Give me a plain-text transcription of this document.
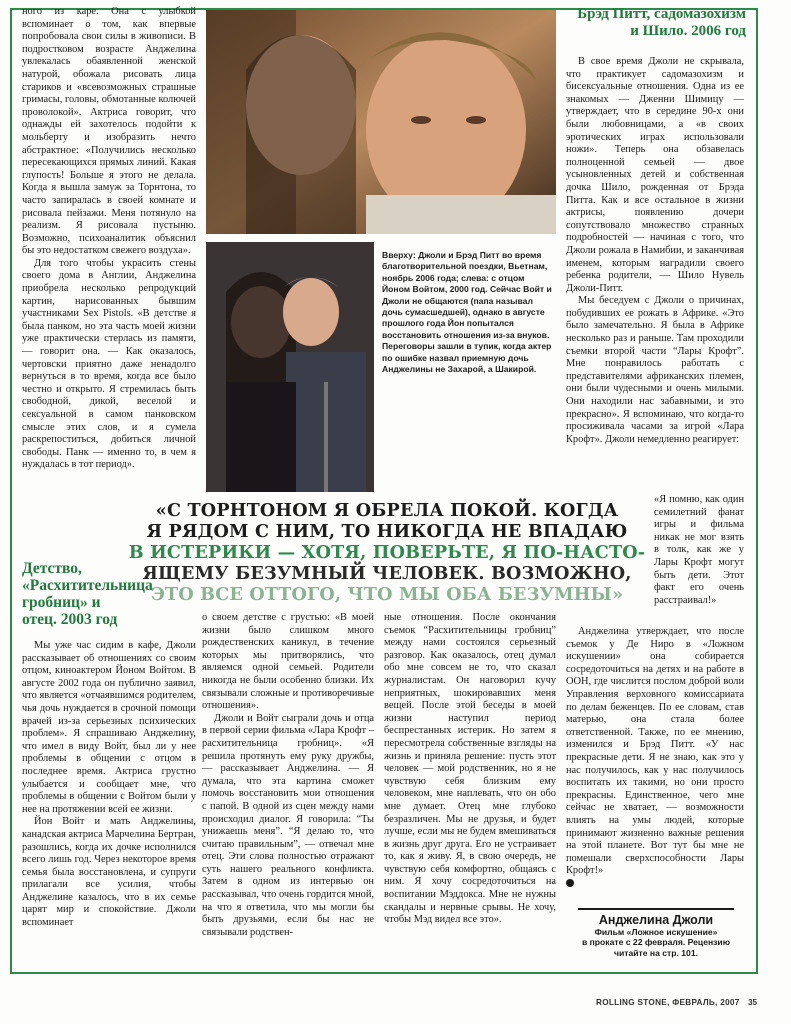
ного из каре. Она с улыбкой вспоминает о том, как впервые попробовала свои силы в живописи. В подростковом возрасте Анджелина увлекалась обаявленной женской натурой, обожала рисовать лица стариков и «всевозможных страшные гримасы, головы, обмотанные колючей проволокой». Актриса говорит, что однажды ей захотелось подойти к мольберту и изобразить нечто абстрактное: «Получились несколько пересекающихся прямых линий. Какая глупость! Больше я этого не делала. Когда я вышла замуж за Торнтона, то часто запиралась в своей комнате и рисовала пейзажи. Меня потянуло на реализм. Я рисовала пустыню. Возможно, психоаналитик объяснил бы это недостатком свежего воздуха».

Для того чтобы украсить стены своего дома в Англии, Анджелина приобрела несколько репродукций картин, нарисованных бывшим участниками Sex Pistols. «В детстве я была панком, но эта часть моей жизни уже практически стерлась из памяти, — говорит она. — Как оказалось, чертовски приятно даже ненадолго вернуться в то время, когда все было честно и открыто. Я стремилась быть свободной, дикой, веселой и сексуальной в самом панковском смысле этих слов, и я сумела раскрепоститься, добиться личной свободы. Панк — именно то, в чем я нуждалась в тот период».

Детство, «Расхитительница гробниц» и отец. 2003 год

Мы уже час сидим в кафе, Джоли рассказывает об отношениях со своим отцом, киноактером Йоном Войтом. В августе 2002 года он публично заявил, что является «отчаявшимся родителем, чья дочь нуждается в срочной помощи врачей из-за серьезных психических проблем». Я спрашиваю Анджелину, что имел в виду Войт, был ли у нее проблемы в общении с отцом в последнее время. Актриса грустно улыбается и сообщает мне, что проблемы в общении с Войтом были у нее на протяжении всей ее жизни.

Йон Войт и мать Анджелины, канадская актриса Марчелина Бертран, разошлись, когда их дочке исполнился всего лишь год. Через некоторое время семья была восстановлена, и супруги прилагали все усилия, чтобы Анджелине казалось, что в их семье царят мир и спокойствие. Джоли вспоминает

Вверху: Джоли и Брэд Питт во время благотворительной поездки, Вьетнам, ноябрь 2006 года; слева: с отцом Йоном Войтом, 2000 год. Сейчас Войт и Джоли не общаются (папа называл дочь сумасшедшей), однако в августе прошлого года Йон попытался восстановить отношения из-за внуков. Переговоры зашли в тупик, когда актер по ошибке назвал приемную дочь Анджелины не Захарой, а Шакирой.
Брэд Питт, садомазохизм и Шило. 2006 год

В свое время Джоли не скрывала, что практикует садомазохизм и бисексуальные отношения. Одна из ее знакомых — Дженни Шимицу — утверждает, что в середине 90-х они были любовницами, а «в своих эротических играх использовали ножи». Теперь она обзавелась полноценной семьей — двое усыновленных детей и собственная дочка Шило, рожденная от Брэда Питта. Как и все остальное в жизни актрисы, появлению дочери сопутствовало множество странных подробностей — начиная с того, что Джоли рожала в Намибии, и заканчивая именем, которым наградили своего ребенка родители, — Шило Нувель Джоли-Питт.

Мы беседуем с Джоли о причинах, побудивших ее рожать в Африке. «Это было замечательно. Я была в Африке несколько раз и раньше. Там проходили съемки второй части “Лары Крофт”. Мне понравилось работать с представителями африканских племен, они были чудесными и очень милыми. Они находили нас забавными, и это прекрасно». Я вспоминаю, что когда-то просиживала часами за игрой «Лара Крофт». Джоли немедленно реагирует:

«Я помню, как один семилетний фанат игры и фильма никак не мог взять в толк, как же у Лары Крофт могут быть дети. Этот факт его очень расстраивал!»

«С ТОРНТОНОМ Я ОБРЕЛА ПОКОЙ. КОГДА
Я РЯДОМ С НИМ, ТО НИКОГДА НЕ ВПАДАЮ
В ИСТЕРИКИ — ХОТЯ, ПОВЕРЬТЕ, Я ПО-НАСТО-
ЯЩЕМУ БЕЗУМНЫЙ ЧЕЛОВЕК. ВОЗМОЖНО,
ЭТО ВСЕ ОТТОГО, ЧТО МЫ ОБА БЕЗУМНЫ»

о своем детстве с грустью: «В моей жизни было слишком много рождественских каникул, в течение которых мы притворялись, что являемся одной семьей. Родители никогда не были особенно близки. Их связывали сложные и противоречивые отношения».

Джоли и Войт сыграли дочь и отца в первой серии фильма «Лара Крофт – расхитительница гробниц». «Я решила протянуть ему руку дружбы, — рассказывает Анджелина. — Я думала, что эта картина сможет помочь восстановить мои отношения с папой. В одной из сцен между нами происходил диалог. Я говорила: “Ты унижаешь меня”. “Я делаю то, что считаю правильным”, — отвечал мне отец. Эти слова полностью отражают суть нашего реального конфликта. Затем в одном из интервью он рассказывал, что очень гордится мной, на что я ответила, что мы могли бы быть друзьями, если бы нас не связывали родствен-

ные отношения. После окончания съемок “Расхитительницы гробниц” между нами состоялся серьезный разговор. Как оказалось, отец думал обо мне совсем не то, что сказал журналистам. Он наговорил кучу неприятных, шокировавших меня вещей. После этой беседы в моей жизни наступил период беспрестанных истерик. Но затем я пересмотрела собственные взгляды на жизнь и приняла решение: пусть этот человек — мой родственник, но я не чувствую себя близким ему человеком, мне наплевать, что он обо мне думает. Отец мне глубоко безразличен. Мы не друзья, и будет лучше, если мы не будем вмешиваться в жизнь друг друга. Его не устраивает то, как я живу. Я, в свою очередь, не чувствую себя комфортно, общаясь с ним. Я хочу сосредоточиться на воспитании Мэддокса. Мне не нужны скандалы и нервные срывы. Не хочу, чтобы Мэд видел все это».

Анджелина утверждает, что после съемок у Де Ниро в «Ложном искушении» она собирается сосредоточиться на детях и на работе в ООН, где числится послом доброй воли Управления верховного комиссариата по делам беженцев. По ее словам, став матерью, она стала более ответственной. Также, по ее мнению, изменился и Брэд Питт. «У нас прекрасные дети. Я не знаю, как это у нас получилось, как у нас получилось воспитать их такими, но они просто прекрасны. Единственное, чего мне сейчас не хватает, — возможности влиять на умы людей, которые принимают жизненно важные решения на этой планете. Вот тут бы мне не помешали сверхспособности Лары Крофт!»

Анджелина Джоли
Фильм «Ложное искушение»
в прокате с 22 февраля. Рецензию
читайте на стр. 101.
ROLLING STONE, ФЕВРАЛЬ, 2007 35
